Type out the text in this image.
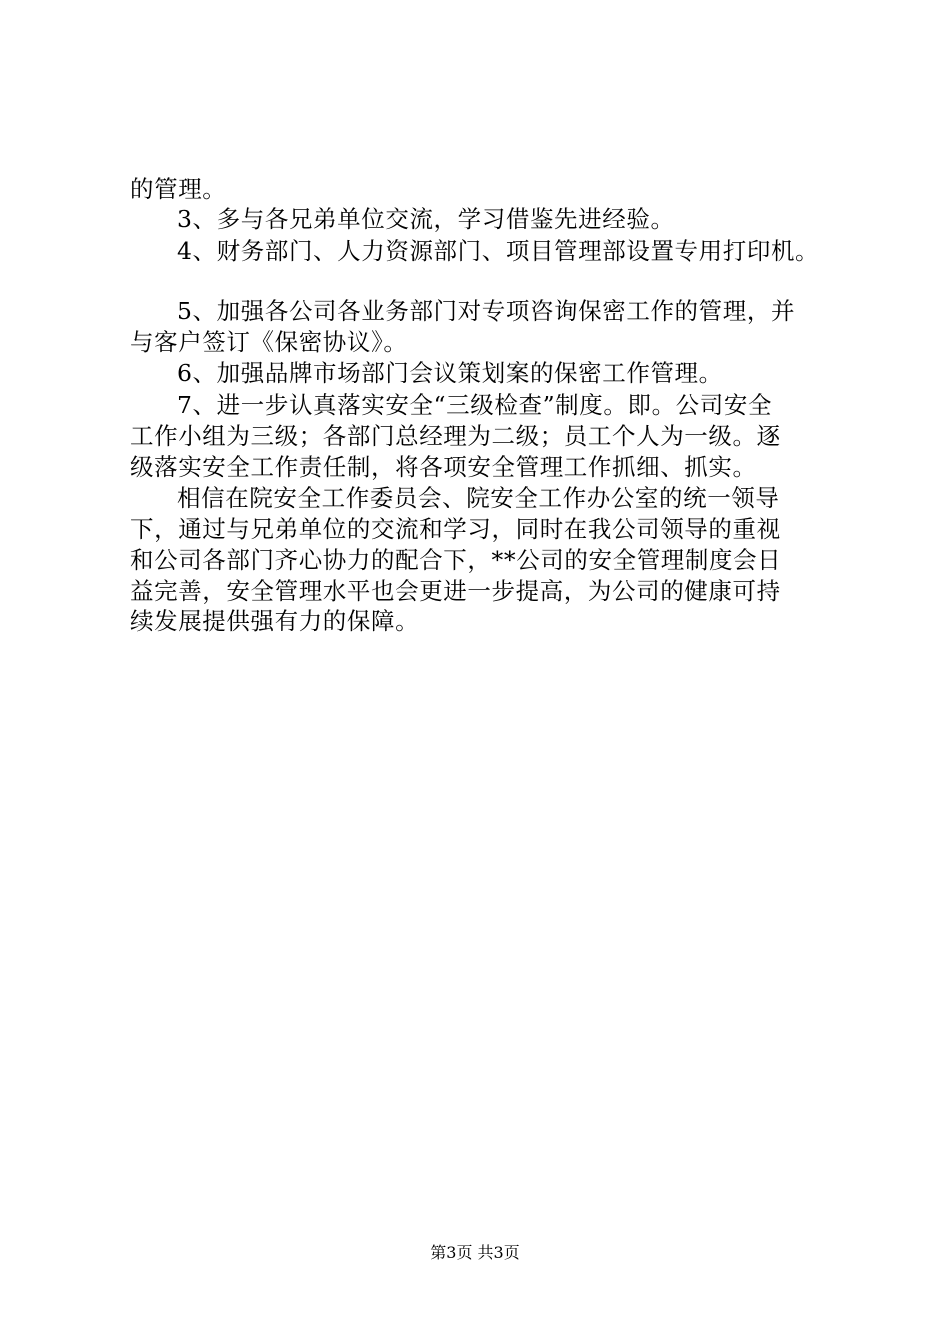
的管理。
3、多与各兄弟单位交流，学习借鉴先进经验。
4、财务部门、人力资源部门、项目管理部设置专用打印机。
5、加强各公司各业务部门对专项咨询保密工作的管理，并
与客户签订《保密协议》。
6、加强品牌市场部门会议策划案的保密工作管理。
7、进一步认真落实安全“三级检查”制度。即。公司安全
工作小组为三级；各部门总经理为二级；员工个人为一级。逐
级落实安全工作责任制，将各项安全管理工作抓细、抓实。
相信在院安全工作委员会、院安全工作办公室的统一领导
下，通过与兄弟单位的交流和学习，同时在我公司领导的重视
和公司各部门齐心协力的配合下，**公司的安全管理制度会日
益完善，安全管理水平也会更进一步提高，为公司的健康可持
续发展提供强有力的保障。
第3页 共3页
